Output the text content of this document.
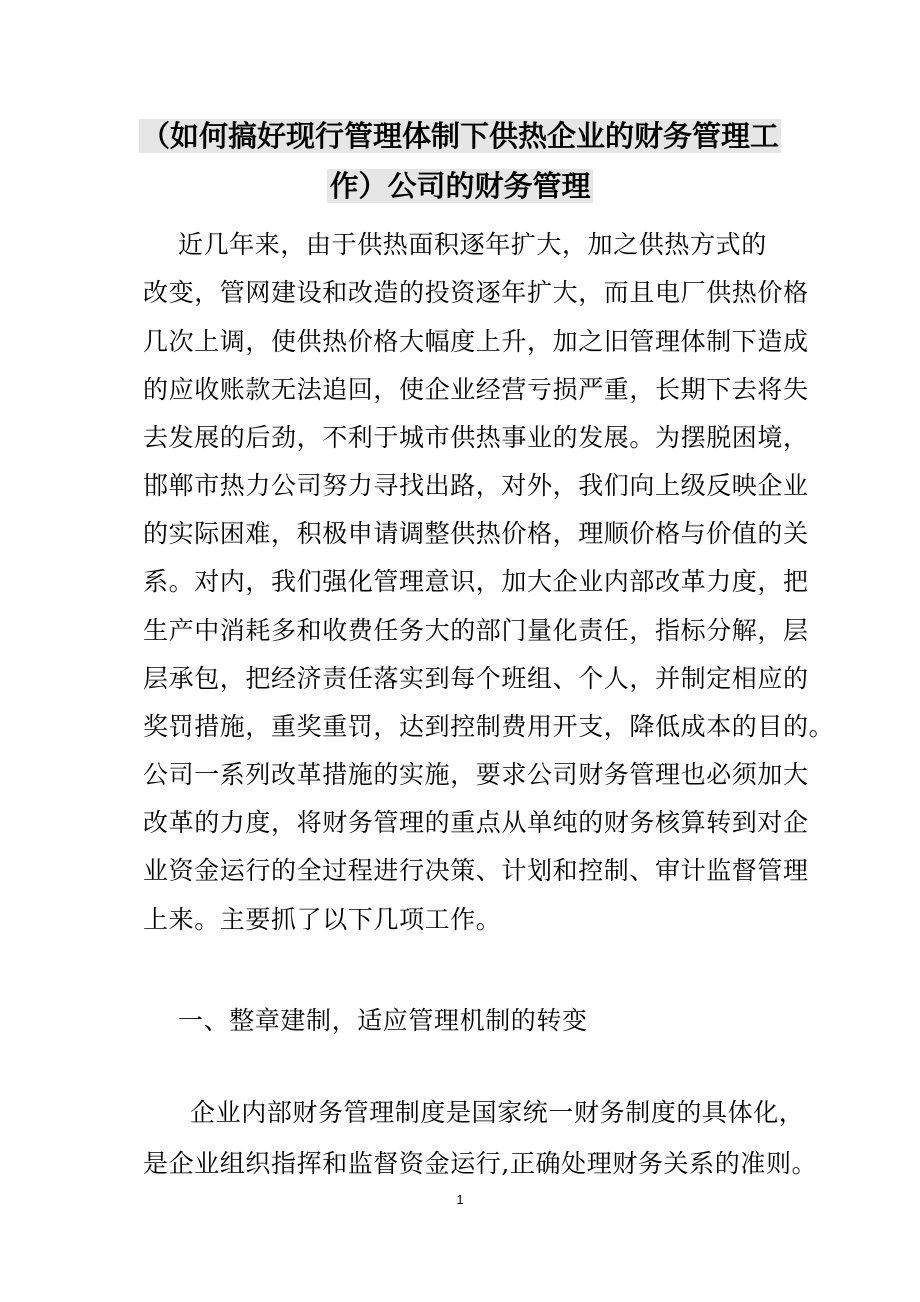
（如何搞好现行管理体制下供热企业的财务管理工
作）公司的财务管理
近几年来，由于供热面积逐年扩大，加之供热方式的
改变，管网建设和改造的投资逐年扩大，而且电厂供热价格
几次上调，使供热价格大幅度上升，加之旧管理体制下造成
的应收账款无法追回，使企业经营亏损严重，长期下去将失
去发展的后劲，不利于城市供热事业的发展。为摆脱困境，
邯郸市热力公司努力寻找出路，对外，我们向上级反映企业
的实际困难，积极申请调整供热价格，理顺价格与价值的关
系。对内，我们强化管理意识，加大企业内部改革力度，把
生产中消耗多和收费任务大的部门量化责任，指标分解，层
层承包，把经济责任落实到每个班组、个人，并制定相应的
奖罚措施，重奖重罚，达到控制费用开支，降低成本的目的。
公司一系列改革措施的实施，要求公司财务管理也必须加大
改革的力度，将财务管理的重点从单纯的财务核算转到对企
业资金运行的全过程进行决策、计划和控制、审计监督管理
上来。主要抓了以下几项工作。
一、整章建制，适应管理机制的转变
企业内部财务管理制度是国家统一财务制度的具体化，
是企业组织指挥和监督资金运行,正确处理财务关系的准则。
1
